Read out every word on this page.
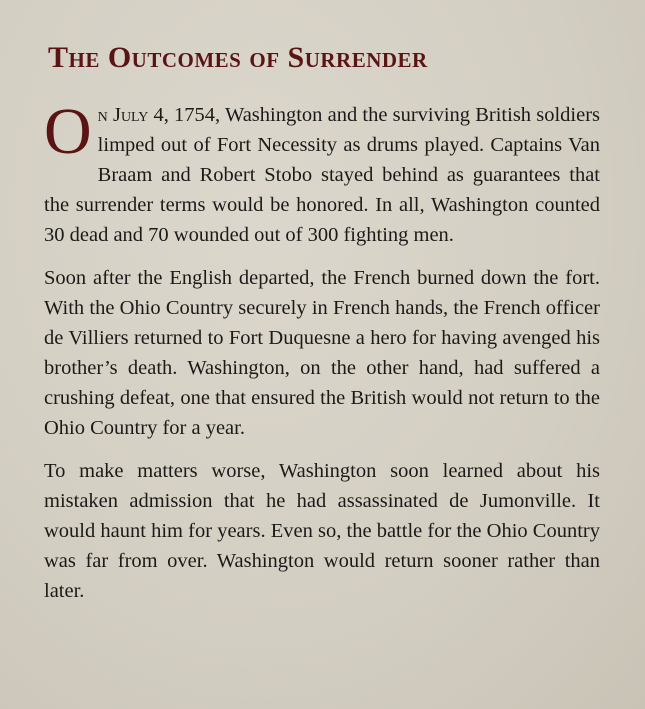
The Outcomes of Surrender

On July 4, 1754, Washington and the surviving British soldiers limped out of Fort Necessity as drums played. Captains Van Braam and Robert Stobo stayed behind as guarantees that the surrender terms would be honored. In all, Washington counted 30 dead and 70 wounded out of 300 fighting men.

Soon after the English departed, the French burned down the fort. With the Ohio Country securely in French hands, the French officer de Villiers returned to Fort Duquesne a hero for having avenged his brother’s death. Washington, on the other hand, had suffered a crushing defeat, one that ensured the British would not return to the Ohio Country for a year.

To make matters worse, Washington soon learned about his mistaken admission that he had assassinated de Jumonville. It would haunt him for years. Even so, the battle for the Ohio Country was far from over. Washington would return sooner rather than later.
